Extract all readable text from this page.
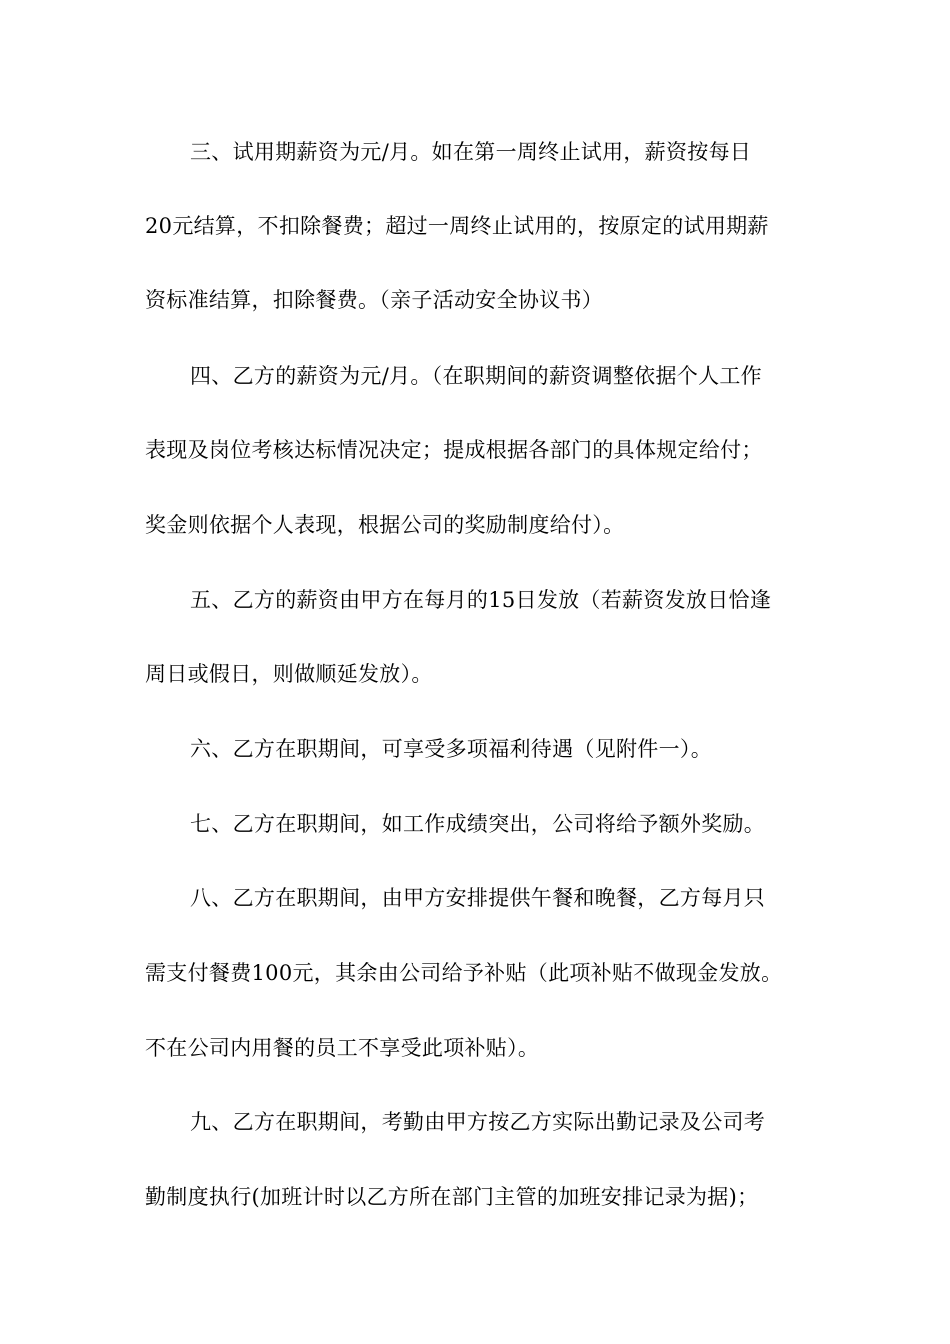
三、试用期薪资为元/月。如在第一周终止试用，薪资按每日
20元结算，不扣除餐费；超过一周终止试用的，按原定的试用期薪
资标准结算，扣除餐费。（亲子活动安全协议书）
四、乙方的薪资为元/月。（在职期间的薪资调整依据个人工作
表现及岗位考核达标情况决定；提成根据各部门的具体规定给付；
奖金则依据个人表现，根据公司的奖励制度给付）。
五、乙方的薪资由甲方在每月的15日发放（若薪资发放日恰逢
周日或假日，则做顺延发放）。
六、乙方在职期间，可享受多项福利待遇（见附件一）。
七、乙方在职期间，如工作成绩突出，公司将给予额外奖励。
八、乙方在职期间，由甲方安排提供午餐和晚餐，乙方每月只
需支付餐费100元，其余由公司给予补贴（此项补贴不做现金发放。
不在公司内用餐的员工不享受此项补贴）。
九、乙方在职期间，考勤由甲方按乙方实际出勤记录及公司考
勤制度执行(加班计时以乙方所在部门主管的加班安排记录为据)；
